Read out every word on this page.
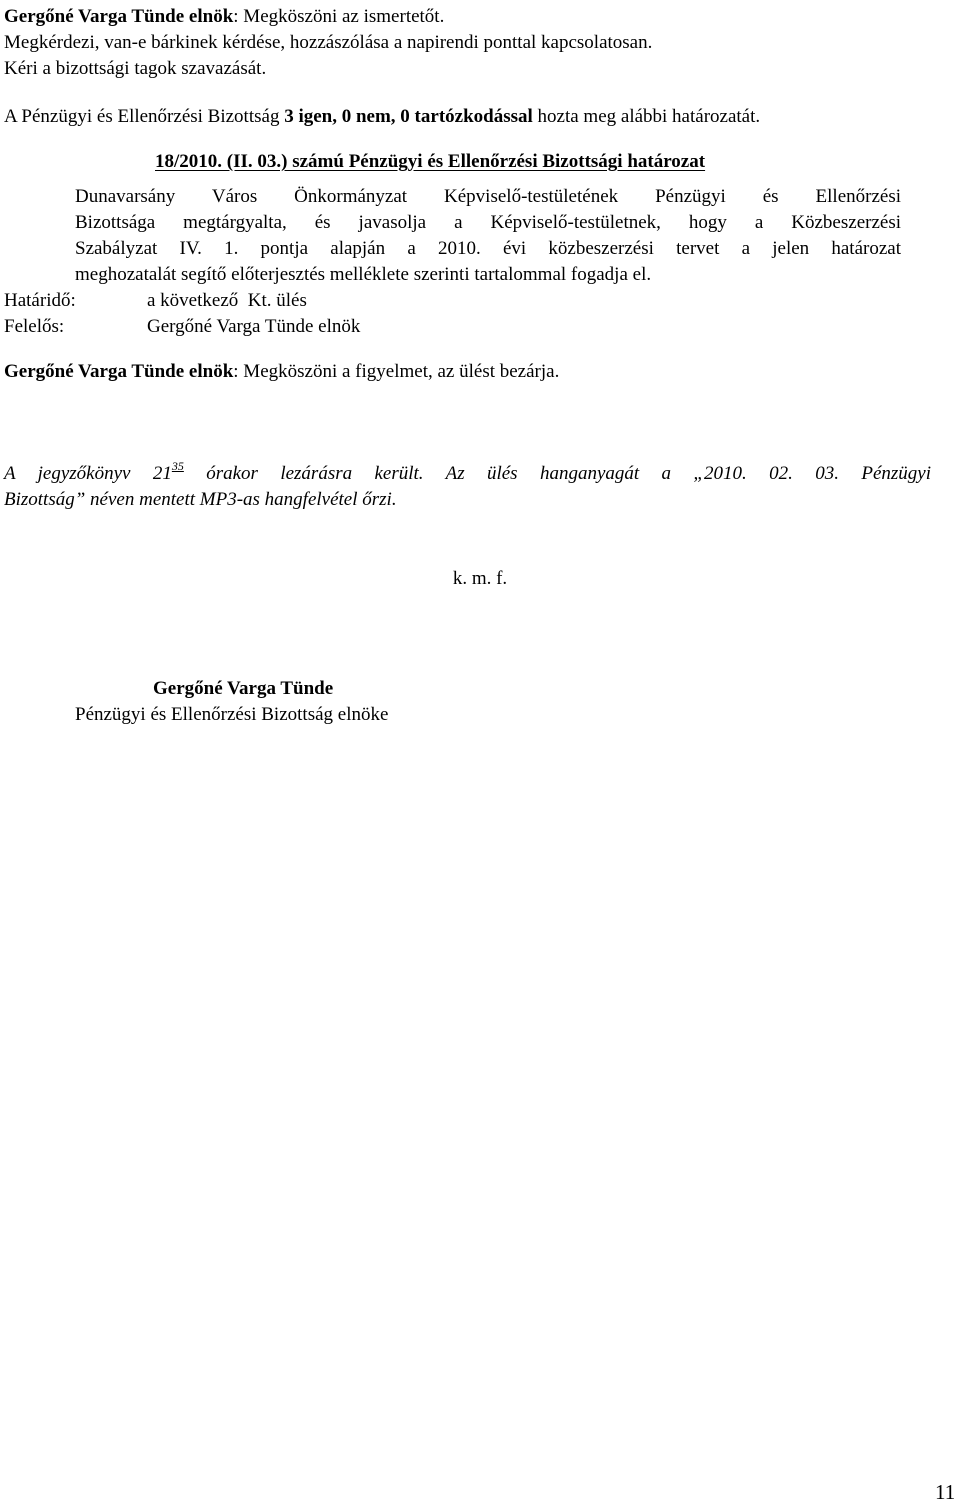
Gergőné Varga Tünde elnök: Megköszöni az ismertetőt.
Megkérdezi, van-e bárkinek kérdése, hozzászólása a napirendi ponttal kapcsolatosan.
Kéri a bizottsági tagok szavazását.
A Pénzügyi és Ellenőrzési Bizottság 3 igen, 0 nem, 0 tartózkodással hozta meg alábbi határozatát.
18/2010. (II. 03.) számú Pénzügyi és Ellenőrzési Bizottsági határozat
Dunavarsány Város Önkormányzat Képviselő-testületének Pénzügyi és Ellenőrzési
Bizottsága megtárgyalta, és javasolja a Képviselő-testületnek, hogy a Közbeszerzési
Szabályzat IV. 1. pontja alapján a 2010. évi közbeszerzési tervet a jelen határozat
meghozatalát segítő előterjesztés melléklete szerinti tartalommal fogadja el.
Határidő:	a következő  Kt. ülés
Felelős:	Gergőné Varga Tünde elnök
Gergőné Varga Tünde elnök: Megköszöni a figyelmet, az ülést bezárja.
A jegyzőkönyv $21^{35}$ órakor lezárásra került. Az ülés hanganyagát a „2010. 02. 03. Pénzügyi
Bizottság” néven mentett MP3-as hangfelvétel őrzi.
k. m. f.
Gergőné Varga Tünde
Pénzügyi és Ellenőrzési Bizottság elnöke
11
